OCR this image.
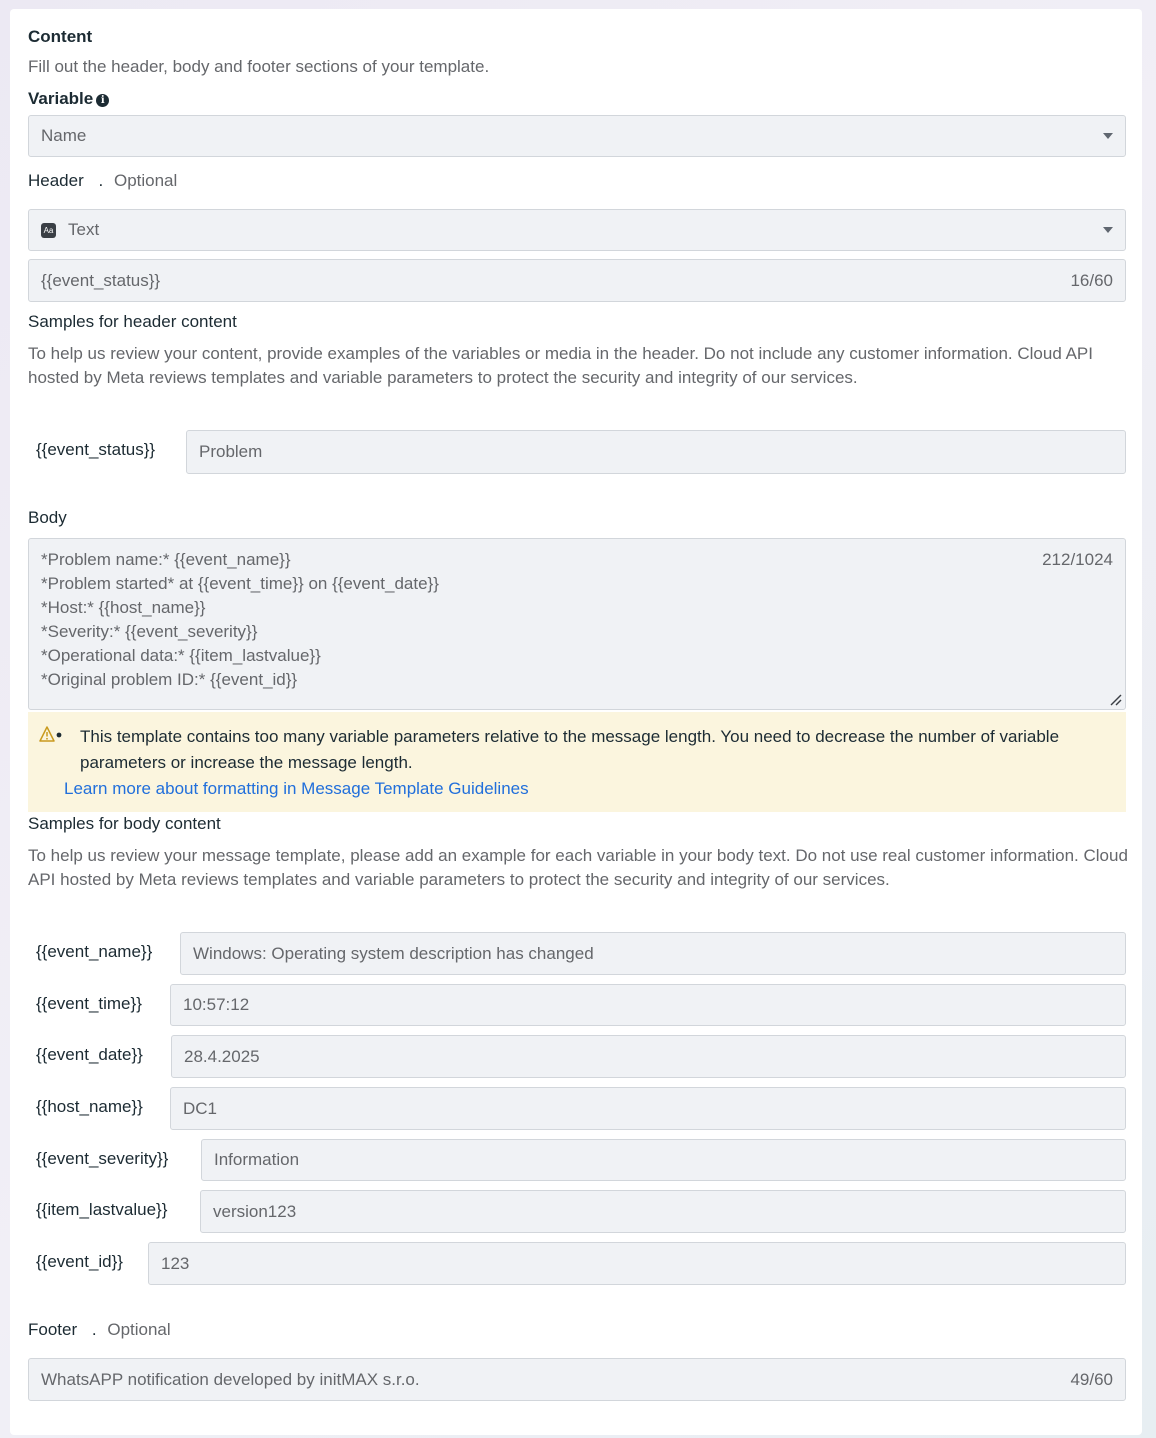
Content
Fill out the header, body and footer sections of your template.
Variable i
Name
Header . Optional
Aa Text
{{event_status}}	16/60
Samples for header content
To help us review your content, provide examples of the variables or media in the header. Do not include any customer information. Cloud API hosted by Meta reviews templates and variable parameters to protect the security and integrity of our services.
{{event_status}}	Problem
Body
*Problem name:* {{event_name}}
*Problem started* at {{event_time}} on {{event_date}}
*Host:* {{host_name}}
*Severity:* {{event_severity}}
*Operational data:* {{item_lastvalue}}
*Original problem ID:* {{event_id}}
212/1024
This template contains too many variable parameters relative to the message length. You need to decrease the number of variable parameters or increase the message length.
Learn more about formatting in Message Template Guidelines
Samples for body content
To help us review your message template, please add an example for each variable in your body text. Do not use real customer information. Cloud API hosted by Meta reviews templates and variable parameters to protect the security and integrity of our services.
{{event_name}} Windows: Operating system description has changed
{{event_time}} 10:57:12
{{event_date}} 28.4.2025
{{host_name}} DC1
{{event_severity}}	Information
{{item_lastvalue}}	version123
{{event_id}} 123
Footer . Optional
WhatsAPP notification developed by initMAX s.r.o.	49/60
